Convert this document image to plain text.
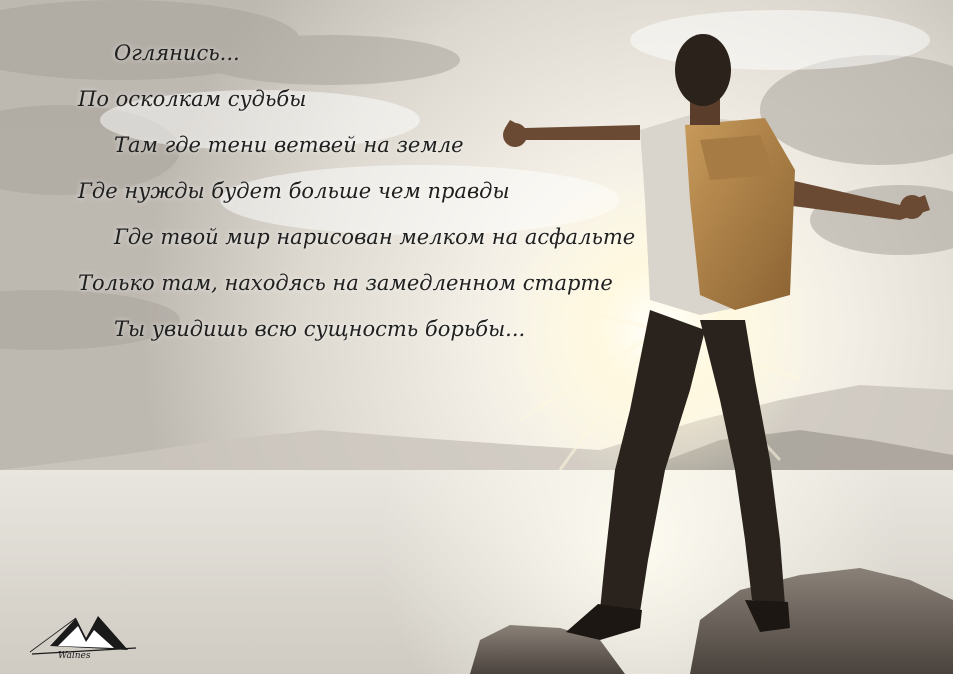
Оглянись...
По осколкам судьбы
Там где тени ветвей на земле
Где нужды будет больше чем правды
Где твой мир нарисован мелком на асфальте
Только там, находясь на замедленном старте
Ты увидишь всю сущность борьбы...
Walnes
